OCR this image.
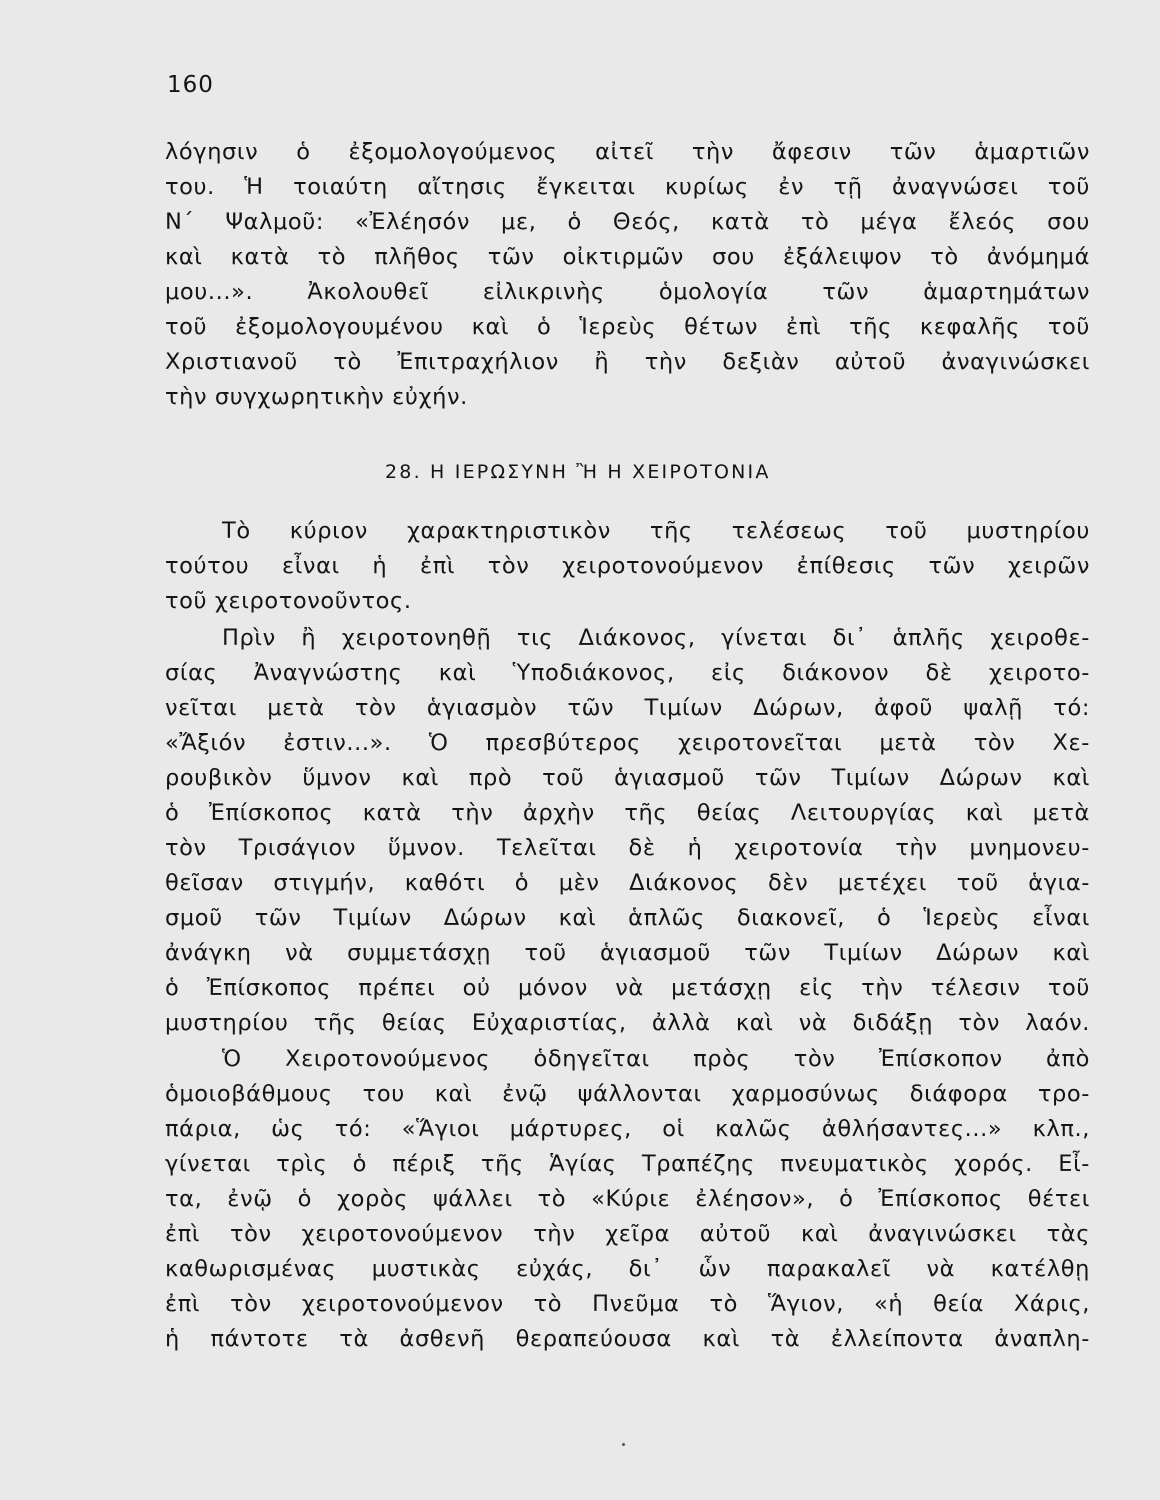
160
λόγησιν ὁ ἐξομολογούμενος αἰτεῖ τὴν ἄφεσιν τῶν ἁμαρτιῶν
του. Ἡ τοιαύτη αἴτησις ἔγκειται κυρίως ἐν τῇ ἀναγνώσει τοῦ
Ν΄ Ψαλμοῦ: «Ἐλέησόν με, ὁ Θεός, κατὰ τὸ μέγα ἔλεός σου
καὶ κατὰ τὸ πλῆθος τῶν οἰκτιρμῶν σου ἐξάλειψον τὸ ἀνόμημά
μου...». Ἀκολουθεῖ εἰλικρινὴς ὁμολογία τῶν ἁμαρτημάτων
τοῦ ἐξομολογουμένου καὶ ὁ Ἱερεὺς θέτων ἐπὶ τῆς κεφαλῆς τοῦ
Χριστιανοῦ τὸ Ἐπιτραχήλιον ἢ τὴν δεξιὰν αὐτοῦ ἀναγινώσκει
τὴν συγχωρητικὴν εὐχήν.
28. Η ΙΕΡΩΣΥΝΗ Ἢ Η ΧΕΙΡΟΤΟΝΙΑ
Τὸ κύριον χαρακτηριστικὸν τῆς τελέσεως τοῦ μυστηρίου
τούτου εἶναι ἡ ἐπὶ τὸν χειροτονούμενον ἐπίθεσις τῶν χειρῶν
τοῦ χειροτονοῦντος.
Πρὶν ἢ χειροτονηθῇ τις Διάκονος, γίνεται δι᾽ ἁπλῆς χειροθε-
σίας Ἀναγνώστης καὶ Ὑποδιάκονος, εἰς διάκονον δὲ χειροτο-
νεῖται μετὰ τὸν ἁγιασμὸν τῶν Τιμίων Δώρων, ἀφοῦ ψαλῇ τό:
«Ἄξιόν ἐστιν...». Ὁ πρεσβύτερος χειροτονεῖται μετὰ τὸν Χε-
ρουβικὸν ὕμνον καὶ πρὸ τοῦ ἁγιασμοῦ τῶν Τιμίων Δώρων καὶ
ὁ Ἐπίσκοπος κατὰ τὴν ἀρχὴν τῆς θείας Λειτουργίας καὶ μετὰ
τὸν Τρισάγιον ὕμνον. Τελεῖται δὲ ἡ χειροτονία τὴν μνημονευ-
θεῖσαν στιγμήν, καθότι ὁ μὲν Διάκονος δὲν μετέχει τοῦ ἁγια-
σμοῦ τῶν Τιμίων Δώρων καὶ ἁπλῶς διακονεῖ, ὁ Ἱερεὺς εἶναι
ἀνάγκη νὰ συμμετάσχῃ τοῦ ἁγιασμοῦ τῶν Τιμίων Δώρων καὶ
ὁ Ἐπίσκοπος πρέπει οὐ μόνον νὰ μετάσχῃ εἰς τὴν τέλεσιν τοῦ
μυστηρίου τῆς θείας Εὐχαριστίας, ἀλλὰ καὶ νὰ διδάξῃ τὸν λαόν.
Ὁ Χειροτονούμενος ὁδηγεῖται πρὸς τὸν Ἐπίσκοπον ἀπὸ
ὁμοιοβάθμους του καὶ ἐνῷ ψάλλονται χαρμοσύνως διάφορα τρο-
πάρια, ὡς τό: «Ἅγιοι μάρτυρες, οἱ καλῶς ἀθλήσαντες...» κλπ.,
γίνεται τρὶς ὁ πέριξ τῆς Ἁγίας Τραπέζης πνευματικὸς χορός. Εἶ-
τα, ἐνῷ ὁ χορὸς ψάλλει τὸ «Κύριε ἐλέησον», ὁ Ἐπίσκοπος θέτει
ἐπὶ τὸν χειροτονούμενον τὴν χεῖρα αὐτοῦ καὶ ἀναγινώσκει τὰς
καθωρισμένας μυστικὰς εὐχάς, δι᾽ ὧν παρακαλεῖ νὰ κατέλθῃ
ἐπὶ τὸν χειροτονούμενον τὸ Πνεῦμα τὸ Ἅγιον, «ἡ θεία Χάρις,
ἡ πάντοτε τὰ ἀσθενῆ θεραπεύουσα καὶ τὰ ἐλλείποντα ἀναπλη-
